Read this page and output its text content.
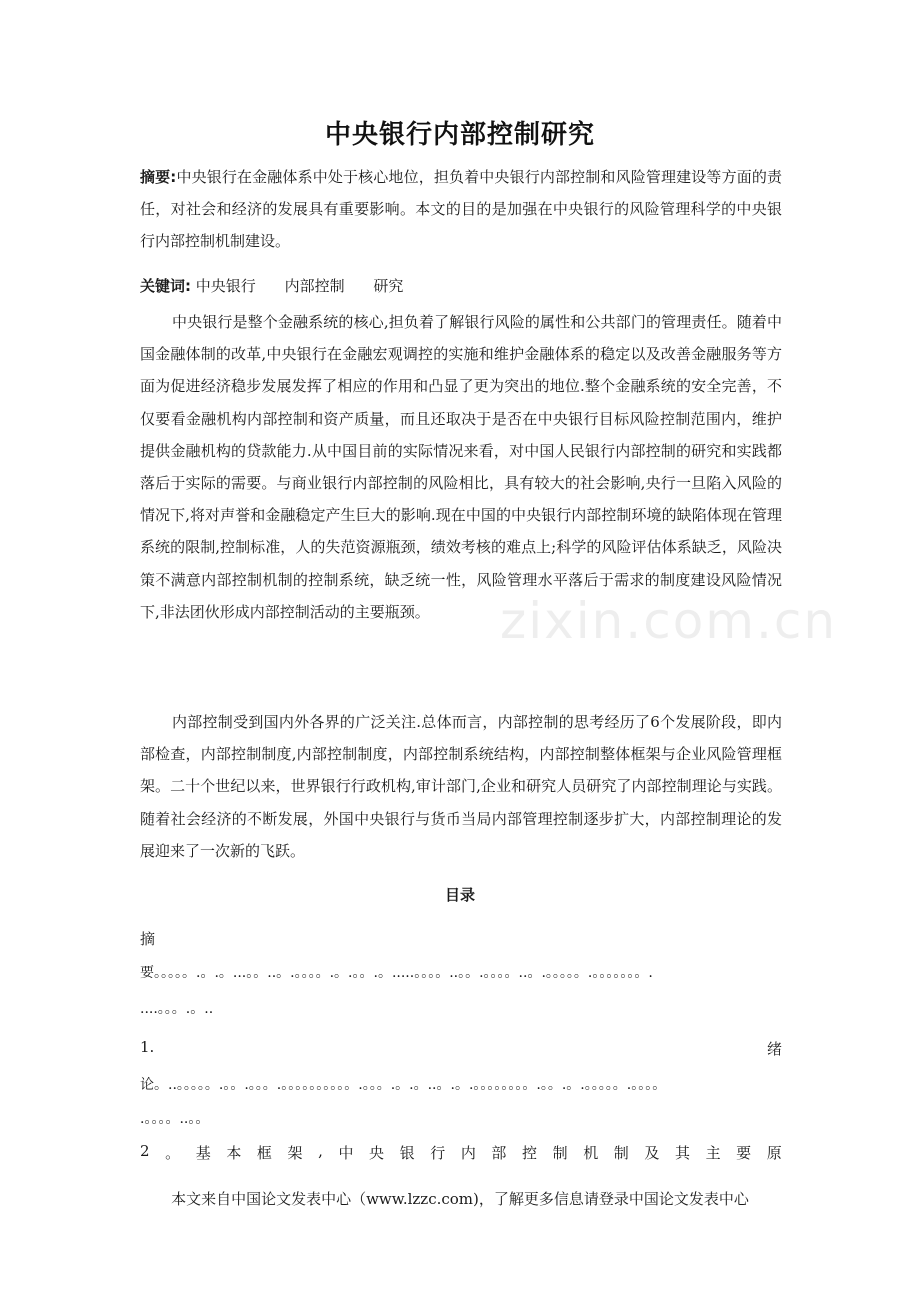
zixin.com.cn
中央银行内部控制研究
摘要:中央银行在金融体系中处于核心地位，担负着中央银行内部控制和风险管理建设等方面的责任，对社会和经济的发展具有重要影响。本文的目的是加强在中央银行的风险管理科学的中央银行内部控制机制建设。
关键词: 中央银行 内部控制 研究
中央银行是整个金融系统的核心,担负着了解银行风险的属性和公共部门的管理责任。随着中国金融体制的改革,中央银行在金融宏观调控的实施和维护金融体系的稳定以及改善金融服务等方面为促进经济稳步发展发挥了相应的作用和凸显了更为突出的地位.整个金融系统的安全完善，不仅要看金融机构内部控制和资产质量，而且还取决于是否在中央银行目标风险控制范围内，维护提供金融机构的贷款能力.从中国目前的实际情况来看，对中国人民银行内部控制的研究和实践都落后于实际的需要。与商业银行内部控制的风险相比，具有较大的社会影响,央行一旦陷入风险的情况下,将对声誉和金融稳定产生巨大的影响.现在中国的中央银行内部控制环境的缺陷体现在管理系统的限制,控制标准，人的失范资源瓶颈，绩效考核的难点上;科学的风险评估体系缺乏，风险决策不满意内部控制机制的控制系统，缺乏统一性，风险管理水平落后于需求的制度建设风险情况下,非法团伙形成内部控制活动的主要瓶颈。
内部控制受到国内外各界的广泛关注.总体而言，内部控制的思考经历了6个发展阶段，即内部检查，内部控制制度,内部控制制度，内部控制系统结构，内部控制整体框架与企业风险管理框架。二十个世纪以来，世界银行行政机构,审计部门,企业和研究人员研究了内部控制理论与实践。随着社会经济的不断发展，外国中央银行与货币当局内部管理控制逐步扩大，内部控制理论的发展迎来了一次新的飞跃。
目录
摘
要。。。。。.。.。...。。..。.。。。。.。.。。.。.....。。。。..。。.。。。。..。.。。。。。.。。。。。。。.
....。。。.。..
1.	绪
论。..。。。。。.。。.。。。.。。。。。。。。。。.。。。.。.。..。.。.。。。。。。。。.。。.。.。。。。。.。。。。
.。。。。..。。
2 。 基 本 框 架 , 中 央 银 行 内 部 控 制 机 制 及 其 主 要 原
本文来自中国论文发表中心（www.lzzc.com)，了解更多信息请登录中国论文发表中心
